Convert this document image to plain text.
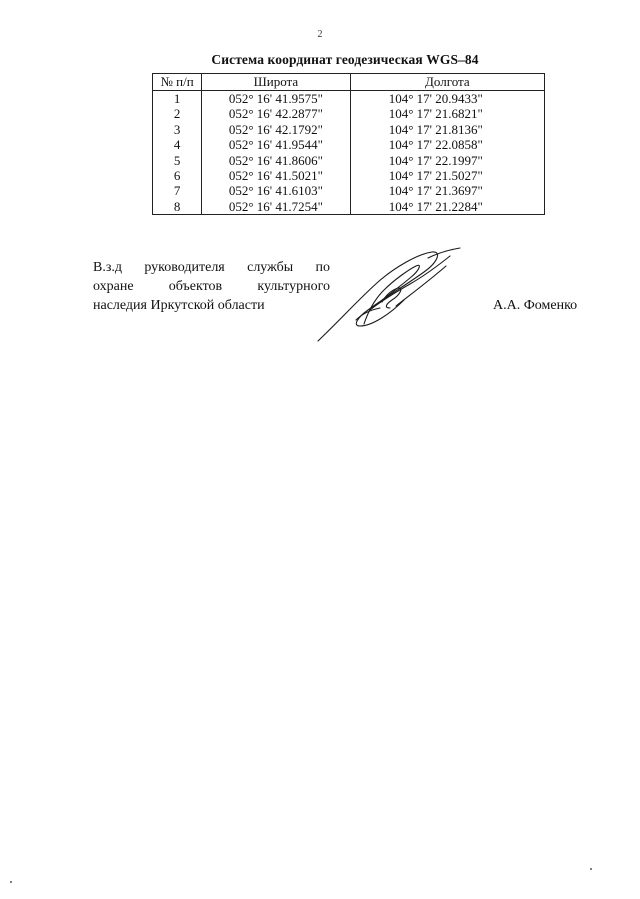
2
Система координат геодезическая WGS–84
№ п/п	Широта	Долгота
1	052° 16' 41.9575"	104° 17' 20.9433"
2	052° 16' 42.2877"	104° 17' 21.6821"
3	052° 16' 42.1792"	104° 17' 21.8136"
4	052° 16' 41.9544"	104° 17' 22.0858"
5	052° 16' 41.8606"	104° 17' 22.1997"
6	052° 16' 41.5021"	104° 17' 21.5027"
7	052° 16' 41.6103"	104° 17' 21.3697"
8	052° 16' 41.7254"	104° 17' 21.2284"
В.з.д руководителя службы по
охране объектов культурного
наследия Иркутской области	А.А. Фоменко
